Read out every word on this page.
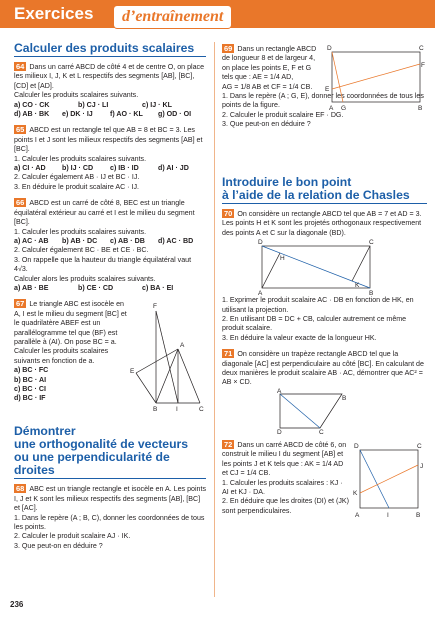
Exercices	d’entraînement
Calculer des produits scalaires
64 Dans un carré ABCD de côté 4 et de centre O, on place les milieux I, J, K et L respectifs des segments [AB], [BC], [CD] et [AD].
Calculer les produits scalaires suivants.
a) CO · CK	b) CJ · LI	c) IJ · KL
d) AB · BK	e) DK · IJ	f) AO · KL	g) OD · OI
65 ABCD est un rectangle tel que AB = 8 et BC = 3. Les points I et J sont les milieux respectifs des segments [AB] et [BC].
1. Calculer les produits scalaires suivants.
a) CI · AD	b) IJ · CD	c) IB · ID	d) AI · JD
2. Calculer également AB · IJ et BC · IJ.
3. En déduire le produit scalaire AC · IJ.
66 ABCD est un carré de côté 8, BEC est un triangle équilatéral extérieur au carré et I est le milieu du segment [BC].
1. Calculer les produits scalaires suivants.
a) AC · AB	b) AB · DC	c) AB · DB	d) AC · BD
2. Calculer également BC · BE et CE · BC.
3. On rappelle que la hauteur du triangle équilatéral vaut 4√3.
Calculer alors les produits scalaires suivants.
a) AB · BE	b) CE · CD	c) BA · EI
67 Le triangle ABC est isocèle en A, I est le milieu du segment [BC] et le quadrilatère ABEF est un parallélogramme tel que (BF) est parallèle à (AI). On pose BC = a.
Calculer les produits scalaires suivants en fonction de a.
a) BC · FC
b) BC · AI
c) BC · CI
d) BC · IF
F
A
E
B	I	C
Démontrer
une orthogonalité de vecteurs
ou une perpendicularité de droites
68 ABC est un triangle rectangle et isocèle en A. Les points I, J et K sont les milieux respectifs des segments [AB], [BC] et [AC].
1. Dans le repère (A ; B, C), donner les coordonnées de tous les points.
2. Calculer le produit scalaire AJ · IK.
3. Que peut-on en déduire ?
236
69 Dans un rectangle ABCD de longueur 8 et de largeur 4, on place les points E, F et G tels que : AE = 1/4 AD,
AG = 1/8 AB et CF = 1/4 CB.
1. Dans le repère (A ; G, E), donner les coordonnées de tous les points de la figure.
2. Calculer le produit scalaire EF · DG.
3. Que peut-on en déduire ?
D	C
F
E
A G	B
Introduire le bon point
à l’aide de la relation de Chasles
70 On considère un rectangle ABCD tel que AB = 7 et AD = 3.
Les points H et K sont les projetés orthogonaux respectivement des points A et C sur la diagonale (BD).
D	C
H
K
A	B
1. Exprimer le produit scalaire AC · DB en fonction de HK, en utilisant la projection.
2. En utilisant DB = DC + CB, calculer autrement ce même produit scalaire.
3. En déduire la valeur exacte de la longueur HK.
71 On considère un trapèze rectangle ABCD tel que la diagonale [AC] est perpendiculaire au côté [BC]. En calculant de deux manières le produit scalaire AB · AC, démontrer que AC² = AB × CD.
A
B
D	C
72 Dans un carré ABCD de côté 6, on construit le milieu I du segment [AB] et les points J et K tels que : AK = 1/4 AD et CJ = 1/4 CB.
1. Calculer les produits scalaires : KJ · AI et KJ · DA.
2. En déduire que les droites (DI) et (JK) sont perpendiculaires.
D	C
J
K
A	I	B
